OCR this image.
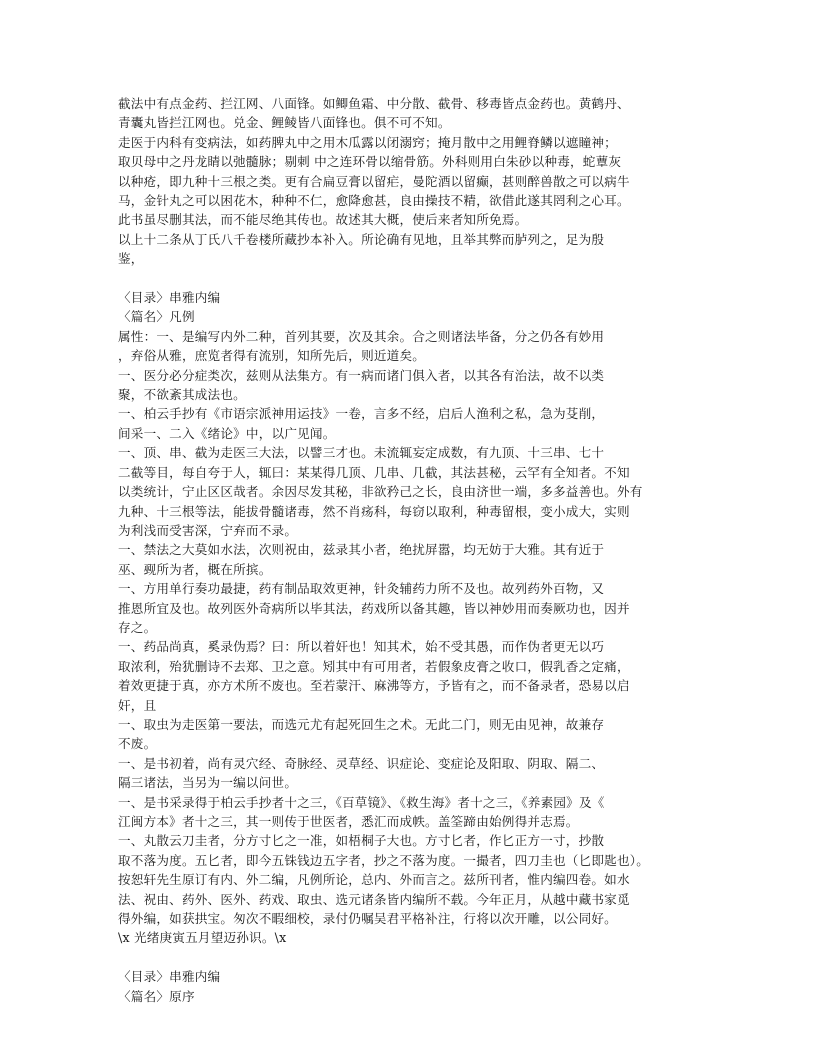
截法中有点金药、拦江网、八面锋。如鲫鱼霜、中分散、截骨、移毒皆点金药也。黄鹤丹、

青囊丸皆拦江网也。兑金、鲤鲮皆八面锋也。俱不可不知。

走医于内科有变病法，如药脾丸中之用木瓜露以闭溺窍；掩月散中之用鲤脊鳞以遮瞳神；

取贝母中之丹龙睛以弛髓脉；剔刺 中之连环骨以缩骨筋。外科则用白朱砂以种毒，蛇蕈灰

以种疮，即九种十三根之类。更有合扁豆膏以留疟，曼陀酒以留癫，甚则醉兽散之可以病牛

马，金针丸之可以困花木，种种不仁，愈降愈甚，良由操技不精，欲借此遂其罔利之心耳。

此书虽尽删其法，而不能尽绝其传也。故述其大概，使后来者知所免焉。

以上十二条从丁氏八千卷楼所藏抄本补入。所论确有见地，且举其弊而胪列之，足为殷

鉴，

〈目录〉串雅内编

〈篇名〉凡例

属性：一、是编写内外二种，首列其要，次及其余。合之则诸法毕备，分之仍各有妙用

，弃俗从雅，庶览者得有流别，知所先后，则近道矣。

一、医分必分症类次，兹则从法集方。有一病而诸门俱入者，以其各有治法，故不以类

聚，不欲紊其成法也。

一、柏云手抄有《市语宗派神用运技》一卷，言多不经，启后人渔利之私，急为芟削，

间采一、二入《绪论》中，以广见闻。

一、顶、串、截为走医三大法，以譬三才也。未流辄妄定成数，有九顶、十三串、七十

二截等目，每自夸于人，辄曰：某某得几顶、几串、几截，其法甚秘，云罕有全知者。不知

以类统计，宁止区区哉者。余因尽发其秘，非欲矜己之长，良由济世一端，多多益善也。外有

九种、十三根等法，能拔骨髓诸毒，然不肖疡科，每窃以取利，种毒留根，变小成大，实则

为利浅而受害深，宁弃而不录。

一、禁法之大莫如水法，次则祝由，兹录其小者，绝扰屏嚣，均无妨于大雅。其有近于

巫、觋所为者，概在所摈。

一、方用单行奏功最捷，药有制品取效更神，针灸辅药力所不及也。故列药外百物，又

推恩所宜及也。故列医外奇病所以毕其法，药戏所以备其趣，皆以神妙用而奏厥功也，因并

存之。

一、药品尚真，奚录伪焉？曰：所以着奸也！知其术，始不受其愚，而作伪者更无以巧

取浓利，殆犹删诗不去郑、卫之意。矧其中有可用者，若假象皮膏之收口，假乳香之定痛，

着效更捷于真，亦方术所不废也。至若蒙汗、麻沸等方，予皆有之，而不备录者，恐易以启

奸，且

一、取虫为走医第一要法，而选元尤有起死回生之术。无此二门，则无由见神，故兼存

不废。

一、是书初着，尚有灵穴经、奇脉经、灵草经、识症论、变症论及阳取、阴取、隔二、

隔三诸法，当另为一编以问世。

一、是书采录得于柏云手抄者十之三，《百草镜》、《救生海》者十之三，《养素园》及《

江闽方本》者十之三，其一则传于世医者，悉汇而成帙。盖筌蹄由始例得并志焉。

一、丸散云刀圭者，分方寸匕之一准，如梧桐子大也。方寸匕者，作匕正方一寸，抄散

取不落为度。五匕者，即今五铢钱边五字者，抄之不落为度。一撮者，四刀圭也（匕即匙也）。

按恕轩先生原订有内、外二编，凡例所论，总内、外而言之。兹所刊者，惟内编四卷。如水

法、祝由、药外、医外、药戏、取虫、选元诸条皆内编所不载。今年正月，从越中藏书家觅

得外编，如获拱宝。匆次不暇细校，录付仍嘱吴君平格补注，行将以次开雕，以公同好。

\x 光绪庚寅五月望迈孙识。\x

〈目录〉串雅内编

〈篇名〉原序
